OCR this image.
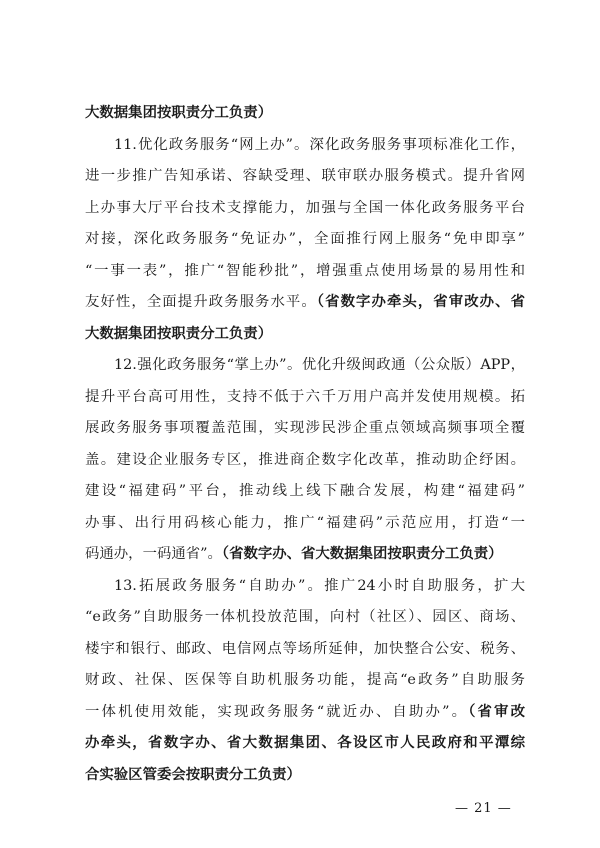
大数据集团按职责分工负责）
11.优化政务服务“网上办”。深化政务服务事项标准化工作，
进一步推广告知承诺、容缺受理、联审联办服务模式。提升省网
上办事大厅平台技术支撑能力，加强与全国一体化政务服务平台
对接，深化政务服务“免证办”，全面推行网上服务“免申即享”
“一事一表”，推广“智能秒批”，增强重点使用场景的易用性和
友好性，全面提升政务服务水平。（省数字办牵头，省审改办、省
大数据集团按职责分工负责）
12.强化政务服务“掌上办”。优化升级闽政通（公众版）APP，
提升平台高可用性，支持不低于六千万用户高并发使用规模。拓
展政务服务事项覆盖范围，实现涉民涉企重点领域高频事项全覆
盖。建设企业服务专区，推进商企数字化改革，推动助企纾困。
建设“福建码”平台，推动线上线下融合发展，构建“福建码”
办事、出行用码核心能力，推广“福建码”示范应用，打造“一
码通办，一码通省”。（省数字办、省大数据集团按职责分工负责）
13.拓展政务服务“自助办”。推广24小时自助服务，扩大
“e政务”自助服务一体机投放范围，向村（社区）、园区、商场、
楼宇和银行、邮政、电信网点等场所延伸，加快整合公安、税务、
财政、社保、医保等自助机服务功能，提高“e政务”自助服务
一体机使用效能，实现政务服务“就近办、自助办”。（省审改
办牵头，省数字办、省大数据集团、各设区市人民政府和平潭综
合实验区管委会按职责分工负责）
— 21 —
